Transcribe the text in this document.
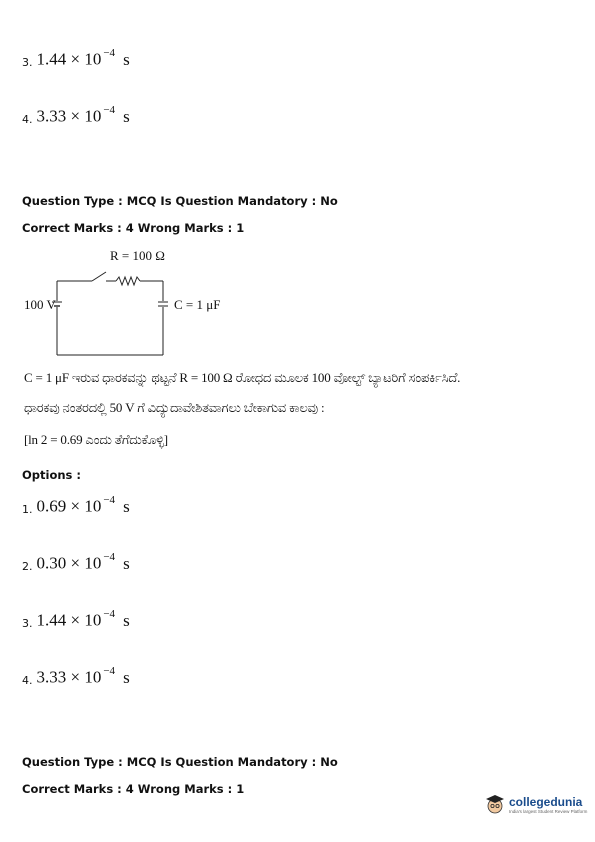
3. 1.44 × 10 $^{-4}$ s
4. 3.33 × 10 $^{-4}$ s
Question Type : MCQ Is Question Mandatory : No
Correct Marks : 4 Wrong Marks : 1
R = 100 Ω
100 V	C = 1 μF
C = 1 μF ಇರುವ ಧಾರಕವನ್ನು ಥಟ್ಟನೆ R = 100 Ω ರೋಧದ ಮೂಲಕ 100 ವೋಲ್ಟ್ ಬ್ಯಾಟರಿಗೆ ಸಂಪರ್ಕಿಸಿದೆ.
ಧಾರಕವು ನಂತರದಲ್ಲಿ 50 V ಗೆ ವಿದ್ಯುದಾವೇಶಿತವಾಗಲು ಬೇಕಾಗುವ ಕಾಲವು :
[ln 2 = 0.69 ಎಂದು ತೆಗೆದುಕೊಳ್ಳಿ]
Options :
1. 0.69 × 10 $^{-4}$ s
2. 0.30 × 10 $^{-4}$ s
3. 1.44 × 10 $^{-4}$ s
4. 3.33 × 10 $^{-4}$ s
Question Type : MCQ Is Question Mandatory : No
Correct Marks : 4 Wrong Marks : 1
collegedunia
India's largest Student Review Platform
